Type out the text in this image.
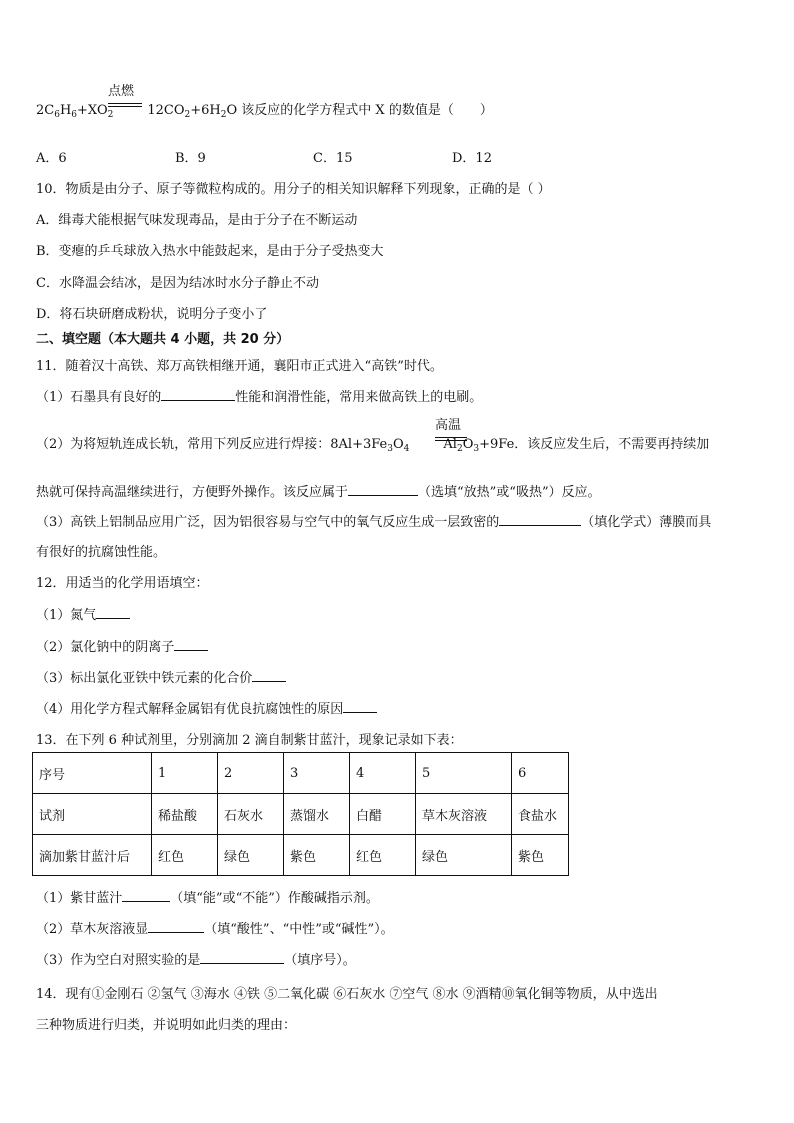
$2C_6H_6+XO_2$	$12CO_2+6H_2O$ 该反应的化学方程式中 X 的数值是（　　）
点燃
A．6	B．9	C．15	D．12
10．物质是由分子、原子等微粒构成的。用分子的相关知识解释下列现象，正确的是（ ）
A．缉毒犬能根据气味发现毒品，是由于分子在不断运动
B．变瘪的乒乓球放入热水中能鼓起来，是由于分子受热变大
C．水降温会结冰，是因为结冰时水分子静止不动
D．将石块研磨成粉状，说明分子变小了
二、填空题（本大题共 4 小题，共 20 分）
11．随着汉十高铁、郑万高铁相继开通，襄阳市正式进入“高铁”时代。
（1）石墨具有良好的	性能和润滑性能，常用来做高铁上的电刷。
（2）为将短轨连成长轨，常用下列反应进行焊接：$8Al+3Fe_3O_4$	$Al_2O_3+9Fe$．该反应发生后，不需要再持续加
高温
热就可保持高温继续进行，方便野外操作。该反应属于	（选填“放热”或“吸热”）反应。
（3）高铁上铝制品应用广泛，因为铝很容易与空气中的氧气反应生成一层致密的	（填化学式）薄膜而具
有很好的抗腐蚀性能。
12．用适当的化学用语填空：
（1）氮气
（2）氯化钠中的阴离子
（3）标出氯化亚铁中铁元素的化合价
（4）用化学方程式解释金属铝有优良抗腐蚀性的原因
13．在下列 6 种试剂里，分别滴加 2 滴自制紫甘蓝汁，现象记录如下表：
序号	1	2	3	4	5	6
试剂	稀盐酸	石灰水	蒸馏水	白醋	草木灰溶液	食盐水
滴加紫甘蓝汁后	红色	绿色	紫色	红色	绿色	紫色
（1）紫甘蓝汁	（填“能”或“不能”）作酸碱指示剂。
（2）草木灰溶液显	（填“酸性”、“中性”或“碱性”）。
（3）作为空白对照实验的是	（填序号）。
14．现有①金刚石 ②氢气 ③海水 ④铁 ⑤二氧化碳 ⑥石灰水 ⑦空气 ⑧水 ⑨酒精⑩氧化铜等物质，从中选出
三种物质进行归类，并说明如此归类的理由：
